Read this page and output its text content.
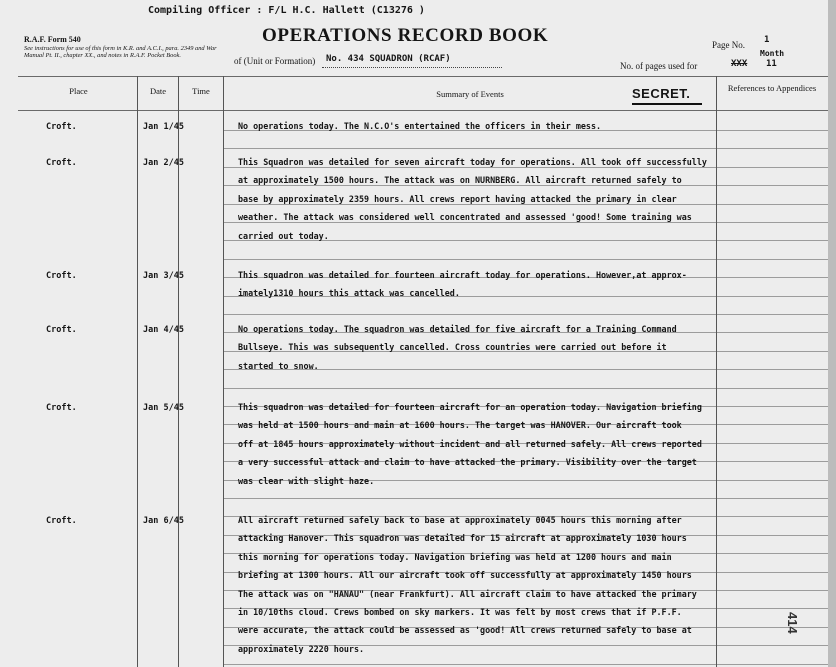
Compiling Officer : F/L H.C. Hallett (C13276 )
R.A.F. Form 540
See instructions for use of this form in K.R. and A.C.I., para. 2349 and War Manual Pt. II., chapter XX., and notes in R.A.F. Pocket Book.
OPERATIONS RECORD BOOK
of (Unit or Formation) No. 434 SQUADRON (RCAF)
Page No. 1
Month
No. of pages used for	XXX 11
Place	Date	Time	Summary of Events	SECRET.	References to Appendices
Croft.	Jan 1/45	No operations today. The N.C.O's entertained the officers in their mess.
Croft.	Jan 2/45	This Squadron was detailed for seven aircraft today for operations. All took off successfully
at approximately 1500 hours. The attack was on NURNBERG. All aircraft returned safely to
base by approximately 2359 hours. All crews report having attacked the primary in clear
weather. The attack was considered well concentrated and assessed 'good! Some training was
carried out today.
Croft.	Jan 3/45	This squadron was detailed for fourteen aircraft today for operations. However,at approx-
imately1310 hours this attack was cancelled.
Croft.	Jan 4/45	No operations today. The squadron was detailed for five aircraft for a Training Command
Bullseye. This was subsequently cancelled. Cross countries were carried out before it
started to snow.
Croft.	Jan 5/45	This squadron was detailed for fourteen aircraft for an operation today. Navigation briefing
was held at 1500 hours and main at 1600 hours. The target was HANOVER. Our aircraft took
off at 1845 hours approximately without incident and all returned safely. All crews reported
a very successful attack and claim to have attacked the primary. Visibility over the target
was clear with slight haze.
Croft.	Jan 6/45	All aircraft returned safely back to base at approximately 0045 hours this morning after
attacking Hanover. This squadron was detailed for 15 aircraft at approximately 1030 hours
this morning for operations today. Navigation briefing was held at 1200 hours and main
briefing at 1300 hours. All our aircraft took off successfully at approximately 1450 hours
The attack was on "HANAU" (near Frankfurt). All aircraft claim to have attacked the primary
in 10/10ths cloud. Crews bombed on sky markers. It was felt by most crews that if P.F.F.
were accurate, the attack could be assessed as 'good! All crews returned safely to base at
approximately 2220 hours.
414
